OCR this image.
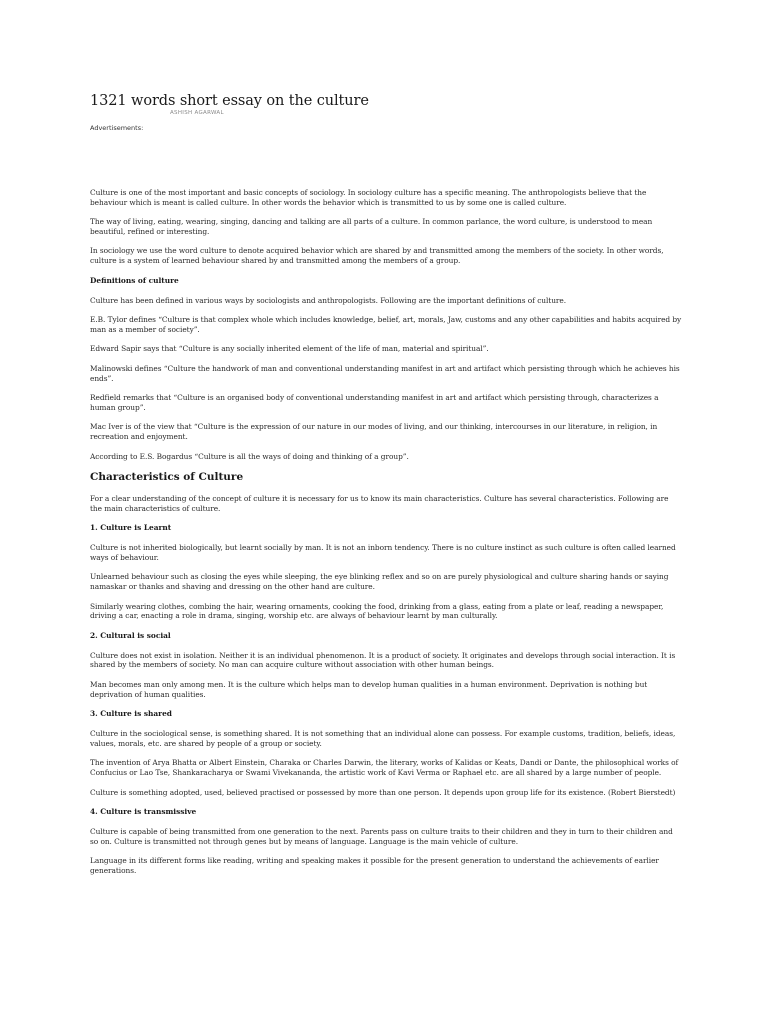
1321 words short essay on the culture
ASHISH AGARWAL
Advertisements:

Culture is one of the most important and basic concepts of sociology. In sociology culture has a specific meaning. The anthropologists believe that the behaviour which is meant is called culture. In other words the behavior which is transmitted to us by some one is called culture.

The way of living, eating, wearing, singing, dancing and talking are all parts of a culture. In common parlance, the word culture, is understood to mean beautiful, refined or interesting.

In sociology we use the word culture to denote acquired behavior which are shared by and transmitted among the members of the society. In other words, culture is a system of learned behaviour shared by and transmitted among the members of a group.

Definitions of culture

Culture has been defined in various ways by sociologists and anthropologists. Following are the important definitions of culture.

E.B. Tylor defines “Culture is that complex whole which includes knowledge, belief, art, morals, Jaw, customs and any other capabilities and habits acquired by man as a member of society”.

Edward Sapir says that “Culture is any socially inherited element of the life of man, material and spiritual”.

Malinowski defines “Culture the handwork of man and conventional understanding manifest in art and artifact which persisting through which he achieves his ends”.

Redfield remarks that “Culture is an organised body of conventional understanding manifest in art and artifact which persisting through, characterizes a human group”.

Mac Iver is of the view that “Culture is the expression of our nature in our modes of living, and our thinking, intercourses in our literature, in religion, in recreation and enjoyment.

According to E.S. Bogardus “Culture is all the ways of doing and thinking of a group”.

Characteristics of Culture

For a clear understanding of the concept of culture it is necessary for us to know its main characteristics. Culture has several characteristics. Following are the main characteristics of culture.

1. Culture is Learnt

Culture is not inherited biologically, but learnt socially by man. It is not an inborn tendency. There is no culture instinct as such culture is often called learned ways of behaviour.

Unlearned behaviour such as closing the eyes while sleeping, the eye blinking reflex and so on are purely physiological and culture sharing hands or saying namaskar or thanks and shaving and dressing on the other hand are culture.

Similarly wearing clothes, combing the hair, wearing ornaments, cooking the food, drinking from a glass, eating from a plate or leaf, reading a newspaper, driving a car, enacting a role in drama, singing, worship etc. are always of behaviour learnt by man culturally.

2. Cultural is social

Culture does not exist in isolation. Neither it is an individual phenomenon. It is a product of society. It originates and develops through social interaction. It is shared by the members of society. No man can acquire culture without association with other human beings.

Man becomes man only among men. It is the culture which helps man to develop human qualities in a human environment. Deprivation is nothing but deprivation of human qualities.

3. Culture is shared

Culture in the sociological sense, is something shared. It is not something that an individual alone can possess. For example customs, tradition, beliefs, ideas, values, morals, etc. are shared by people of a group or society.

The invention of Arya Bhatta or Albert Einstein, Charaka or Charles Darwin, the literary, works of Kalidas or Keats, Dandi or Dante, the philosophical works of Confucius or Lao Tse, Shankaracharya or Swami Vivekananda, the artistic work of Kavi Verma or Raphael etc. are all shared by a large number of people.

Culture is something adopted, used, believed practised or possessed by more than one person. It depends upon group life for its existence. (Robert Bierstedt)

4. Culture is transmissive

Culture is capable of being transmitted from one generation to the next. Parents pass on culture traits to their children and they in turn to their children and so on. Culture is transmitted not through genes but by means of language. Language is the main vehicle of culture.

Language in its different forms like reading, writing and speaking makes it possible for the present generation to understand the achievements of earlier generations.
